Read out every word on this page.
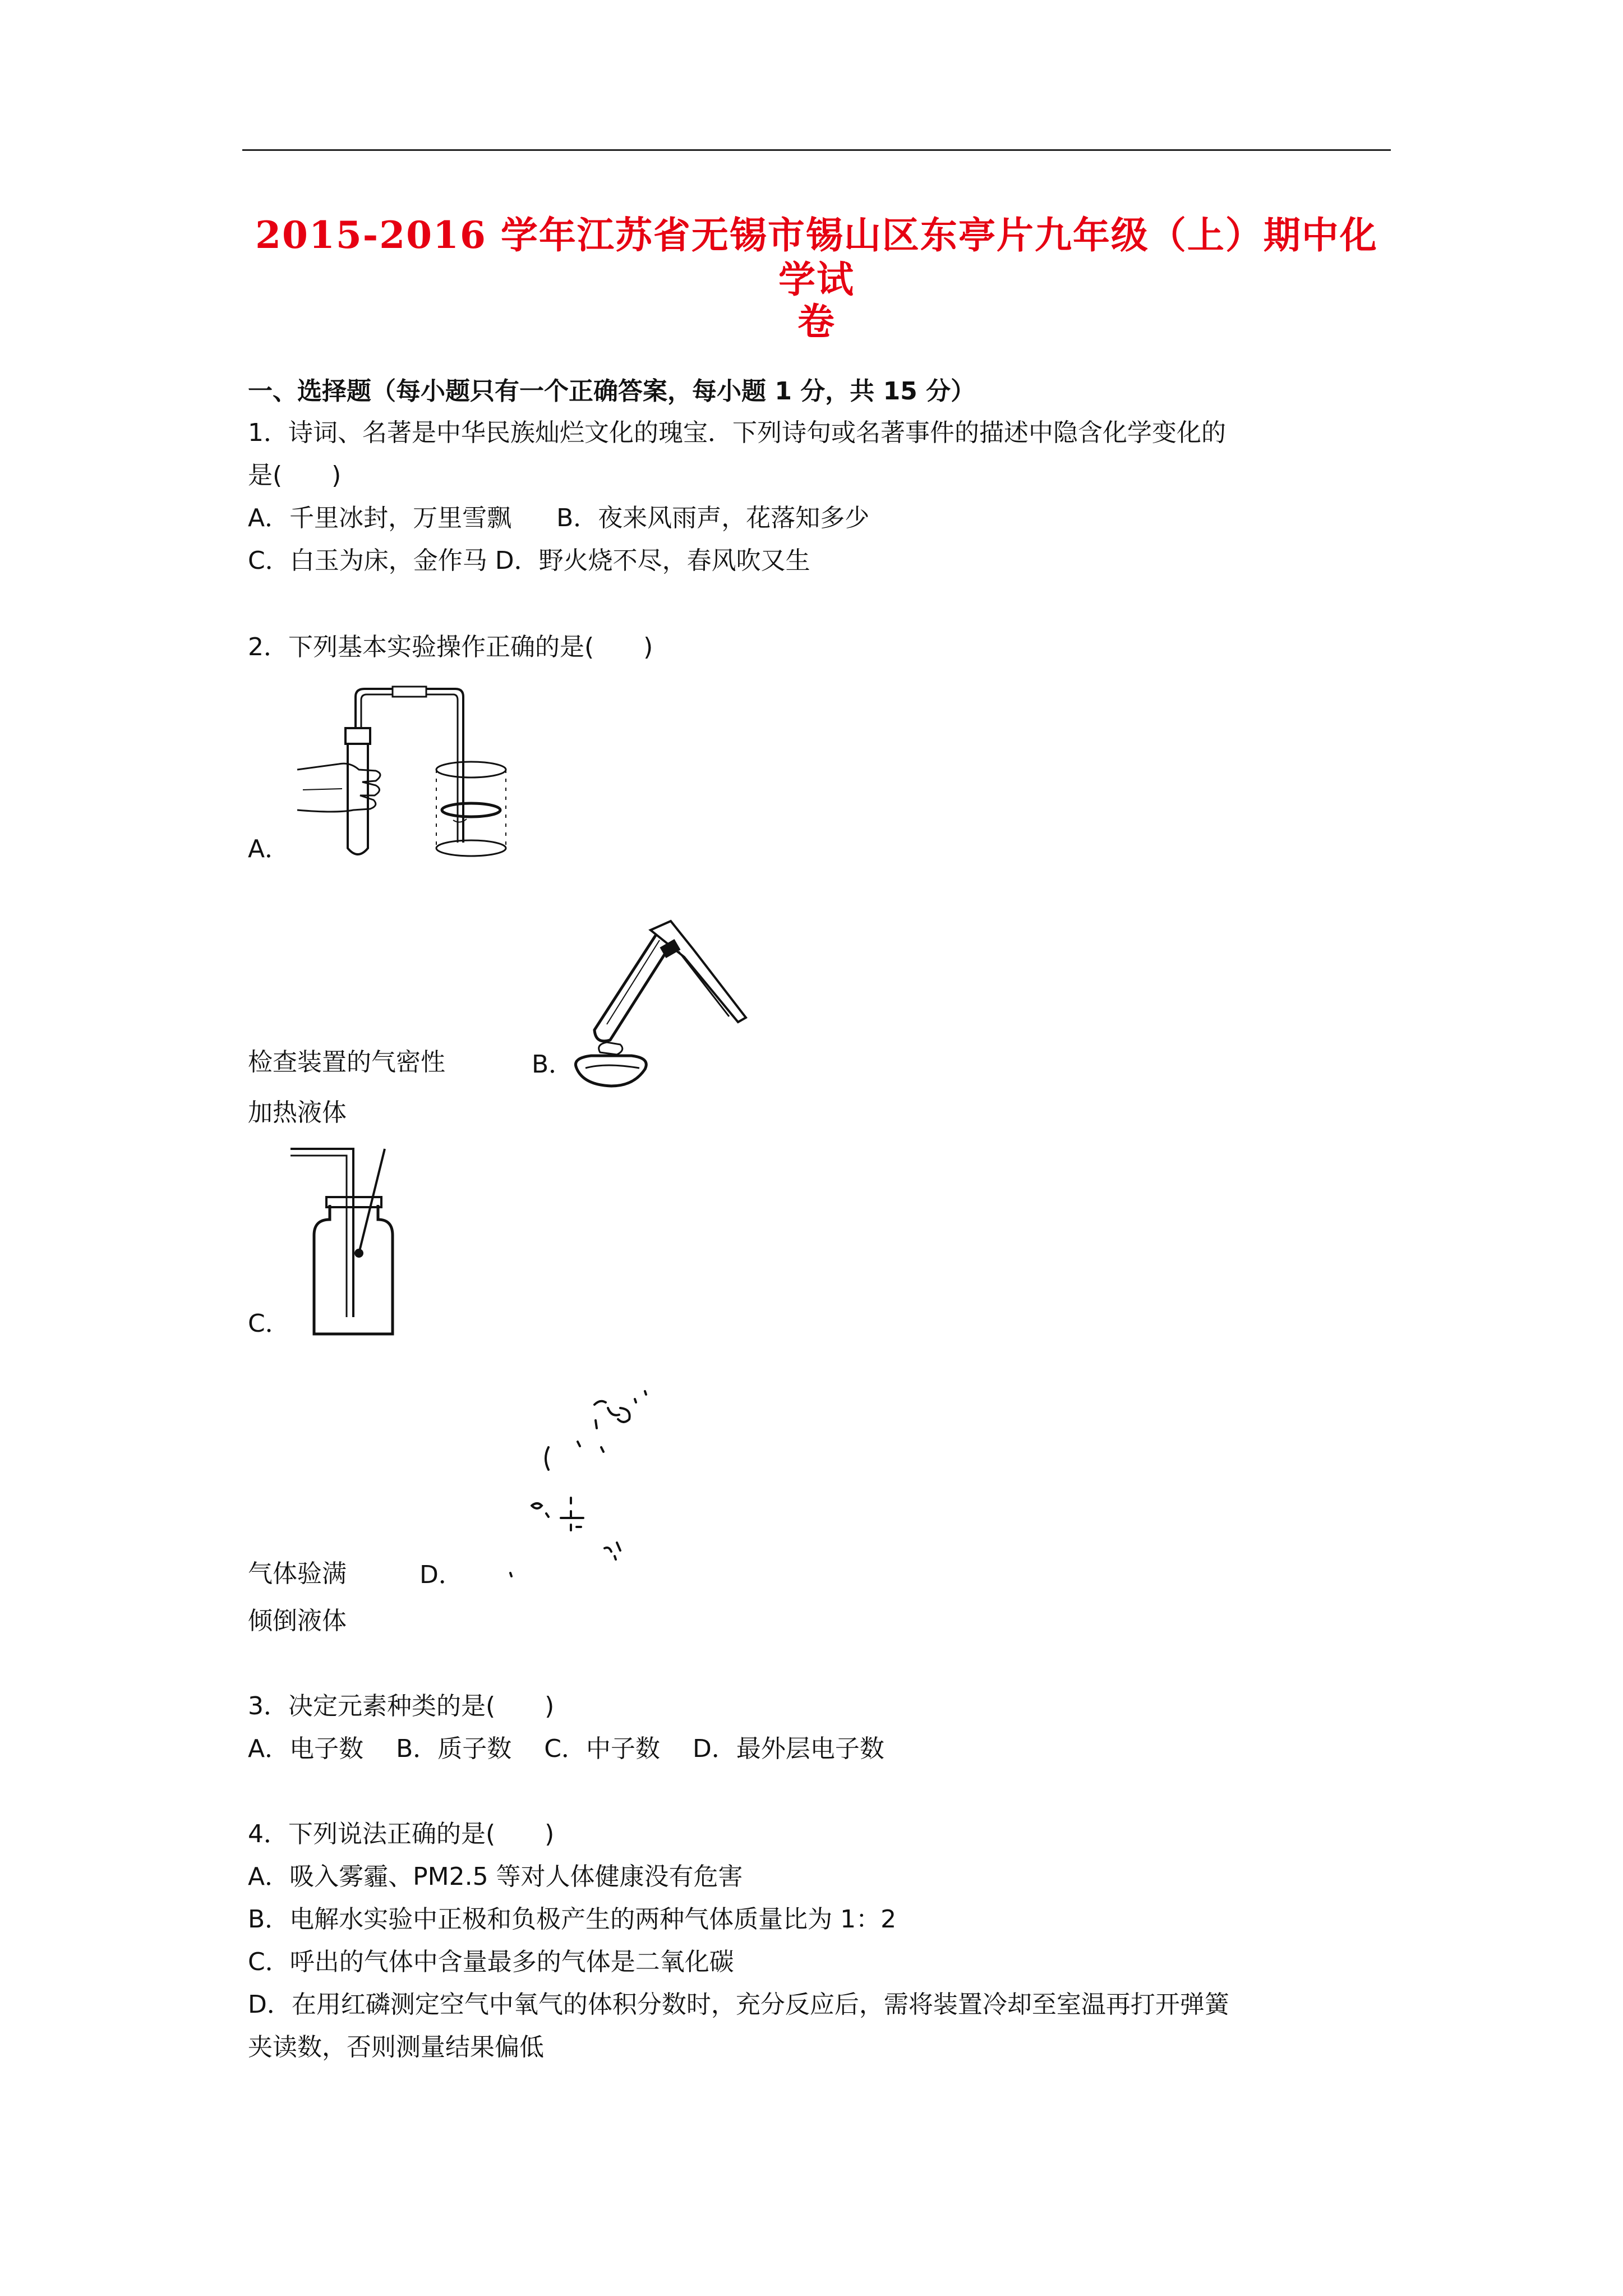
2015-2016 学年江苏省无锡市锡山区东亭片九年级（上）期中化学试
卷
一、选择题（每小题只有一个正确答案，每小题 1 分，共 15 分）
1．诗词、名著是中华民族灿烂文化的瑰宝．下列诗句或名著事件的描述中隐含化学变化的
是(　　)
A．千里冰封，万里雪飘 B．夜来风雨声，花落知多少
C．白玉为床，金作马 D．野火烧不尽，春风吹又生
2．下列基本实验操作正确的是(　　)
A．
检查装置的气密性	B．
加热液体
C．
气体验满	D．
倾倒液体
3．决定元素种类的是(　　)
A．电子数　 B．质子数　 C．中子数　 D．最外层电子数
4．下列说法正确的是(　　)
A．吸入雾霾、PM2.5 等对人体健康没有危害
B．电解水实验中正极和负极产生的两种气体质量比为 1：2
C．呼出的气体中含量最多的气体是二氧化碳
D．在用红磷测定空气中氧气的体积分数时，充分反应后，需将装置冷却至室温再打开弹簧
夹读数，否则测量结果偏低
